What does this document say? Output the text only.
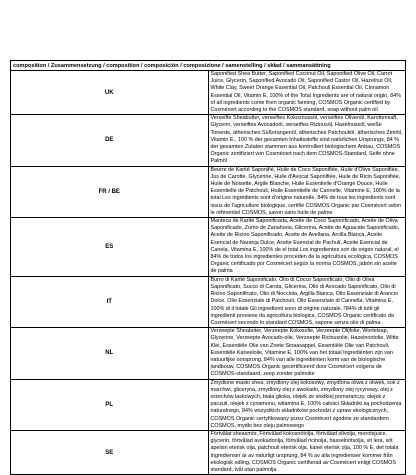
composition / Zusammensetzung / composition / composición / composizione / samenstelling / skład / sammansättning	
UK	Saponified Shea Butter, Saponified Coconut Oil, Saponified Olive Oil, Carrot Juice, Glycerin, Saponified Avocado Oil, Saponified Castor Oil, Hazelnut Oil, White Clay, Sweet Orange Essential Oil, Patchouli Essential Oil, Cinnamon Essential Oil, Vitamin E, 100% of the Total Ingredients are of natural origin, 84% of all ingredients come from organic farming, COSMOS Organic certified by Cosmécert according to the COSMOS standard, soap without palm oil
DE	Verseifte Sheabutter, verseiftes Kokosnussöl, verseiftes Olivenöl, Karottensaft, Glycerin, verseiftes Avocadoöl, verseiftes Rizinusöl, Haselnussöl, weiße Tonerde, ätherisches Süßorangenöl, ätherisches Patchouliöl, ätherisches Zimtöl, Vitamin E., 100 % der gesamten Inhaltsstoffe sind natürlichen Ursprungs, 84 % der gesamten Zutaten stammen aus kontrolliert biologischem Anbau, COSMOS Organic zertifiziert von Cosmécert nach dem COSMOS-Standard, Seife ohne Palmöl
FR / BE	Beurre de Karité Saponifié, Huile de Coco Saponifiée, Huile d'Olive Saponifiée, Jus de Carotte, Glycérine, Huile d'Avocat Saponifiée, Huile de Ricin Saponifiée, Huile de Noisette, Argile Blanche, Huile Essentielle d'Orange Douce, Huile Essentielle de Patchouli, Huile Essentielle de Cannelle, Vitamine E, 100% de la total Les ingrédients sont d'origine naturelle, 84% de tous les ingrédients sont issus de l'agriculture biologique, certifié COSMOS Organic par Cosmécert selon le référentiel COSMOS, savon sans huile de palme
ES	Manteca de Karité Saponificada, Aceite de Coco Saponificado, Aceite de Oliva Saponificado, Zumo de Zanahoria, Glicerina, Aceite de Aguacate Saponificado, Aceite de Ricino Saponificado, Aceite de Avellana, Arcilla Blanca, Aceite Esencial de Naranja Dulce, Aceite Esencial de Pachulí, Aceite Esencial de Canela, Vitamina E, 100% de el total Los ingredientes son de origen natural, el 84% de todos los ingredientes proceden de la agricultura ecológica, COSMOS Organic certificado por Cosmécert según la norma COSMOS, jabón sin aceite de palma
IT	Burro di Karité Saponificato, Olio di Cocco Saponificato, Olio di Oliva Saponificato, Succo di Carota, Glicerina, Olio di Avocado Saponificato, Olio di Ricino Saponificato, Olio di Nocciola, Argilla Bianca, Olio Essenziale di Arancio Dolce, Olio Essenziale di Patchouli, Olio Essenziale di Cannella, Vitamina E, 100% di il totale Gli ingredienti sono di origine naturale, l'84% di tutti gli ingredienti proviene da agricoltura biologica, COSMOS Organic certificato da Cosmécert secondo lo standard COSMOS, sapone senza olio di palma
NL	Verzeepte Sheaboter, Verzeepte Kokosolie, Verzeepte Olijfolie, Wortelsap, Glycerine, Verzeepte Avocado-olie, Verzeepte Ricinusolie, Hazelnootolie, Witte Klei, Essentiële Olie van Zoete Sinaasappel, Essentiële Olie van Patchouli, Essentiële Kaneelolie, Vitamine E, 100% van het totaal Ingrediënten zijn van natuurlijke oorsprong, 84% van alle ingrediënten komt van de biologische landbouw, COSMOS Organic gecertificeerd door Cosmécert volgens de COSMOS-standaard, zeep zonder palmolie
PL	Zmydlone masło shea, zmydlony olej kokosowy, zmydlona oliwa z oliwek, sok z marchwi, gliceryna, zmydlony olej z awokado, zmydlony olej rycynowy, olej z orzechów laskowych, biała glinka, olejek ze słodkiej pomarańczy, olejek z paczuli, olejek z cynamonu, witamina E, 100% całości Składniki są pochodzenia naturalnego, 84% wszystkich składników pochodzi z upraw ekologicznych, COSMOS Organic certyfikowany przez Cosmécert zgodnie ze standardem COSMOS, mydło bez oleju palmowego
SE	Förtvålat sheasmör, Förtvålad kokosnötolja, förtvålad olivolja, morotsjuice, glycerin, förtvålad avokadoolja, förtvålad ricinolja, hasselnötsolja, vit lera, söt apelsin eterisk olja, patchouli eterisk olja, kanel eterisk olja, 100 % E, det totala Ingredienser är av naturligt ursprung, 84 % av alla ingredienser kommer från ekologisk odling, COSMOS Organic certifierad av Cosmécert enligt COSMOS standard, tvål utan palmolja
